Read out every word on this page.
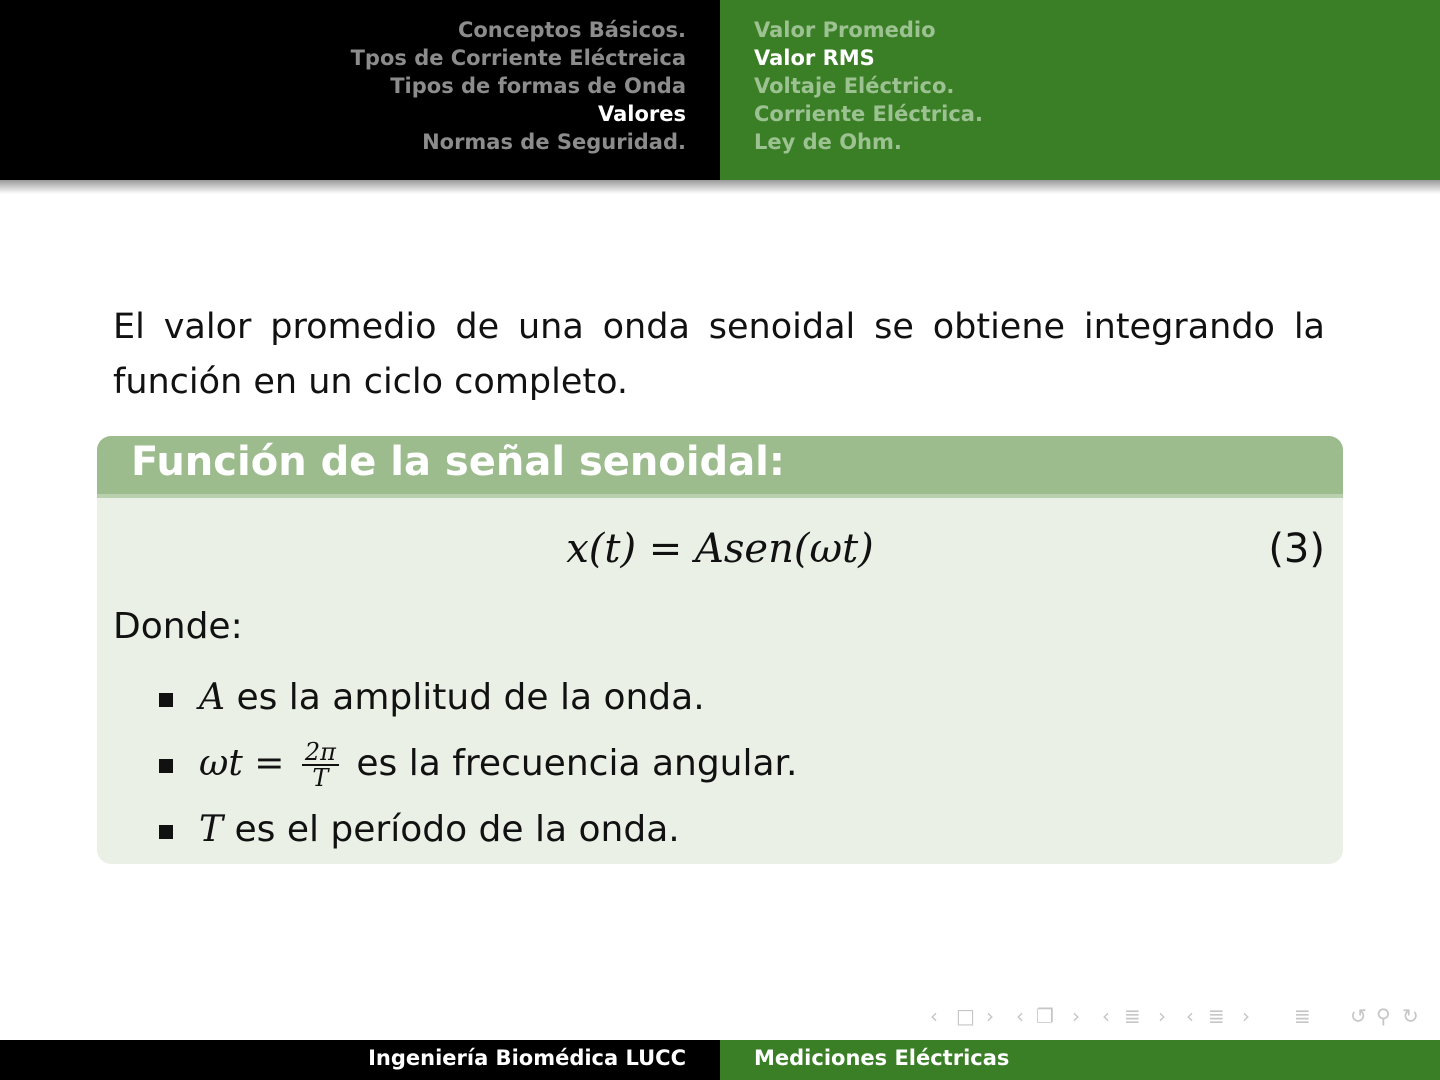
Conceptos Básicos.
Tpos de Corriente Eléctreica
Tipos de formas de Onda
Valores
Normas de Seguridad.
Valor Promedio
Valor RMS
Voltaje Eléctrico.
Corriente Eléctrica.
Ley de Ohm.
El valor promedio de una onda senoidal se obtiene integrando la función en un ciclo completo.
Función de la señal senoidal:
x(t) = Asen(ωt)	(3)
Donde:
A es la amplitud de la onda.
$\omega t = \frac{2\pi}{T}$ es la frecuencia angular.
T es el período de la onda.
‹ □ › ‹ ❐ › ‹ ≣ › ‹ ≣ › ≣ ↺ ⚲ ↻
Ingeniería Biomédica LUCC	Mediciones Eléctricas
